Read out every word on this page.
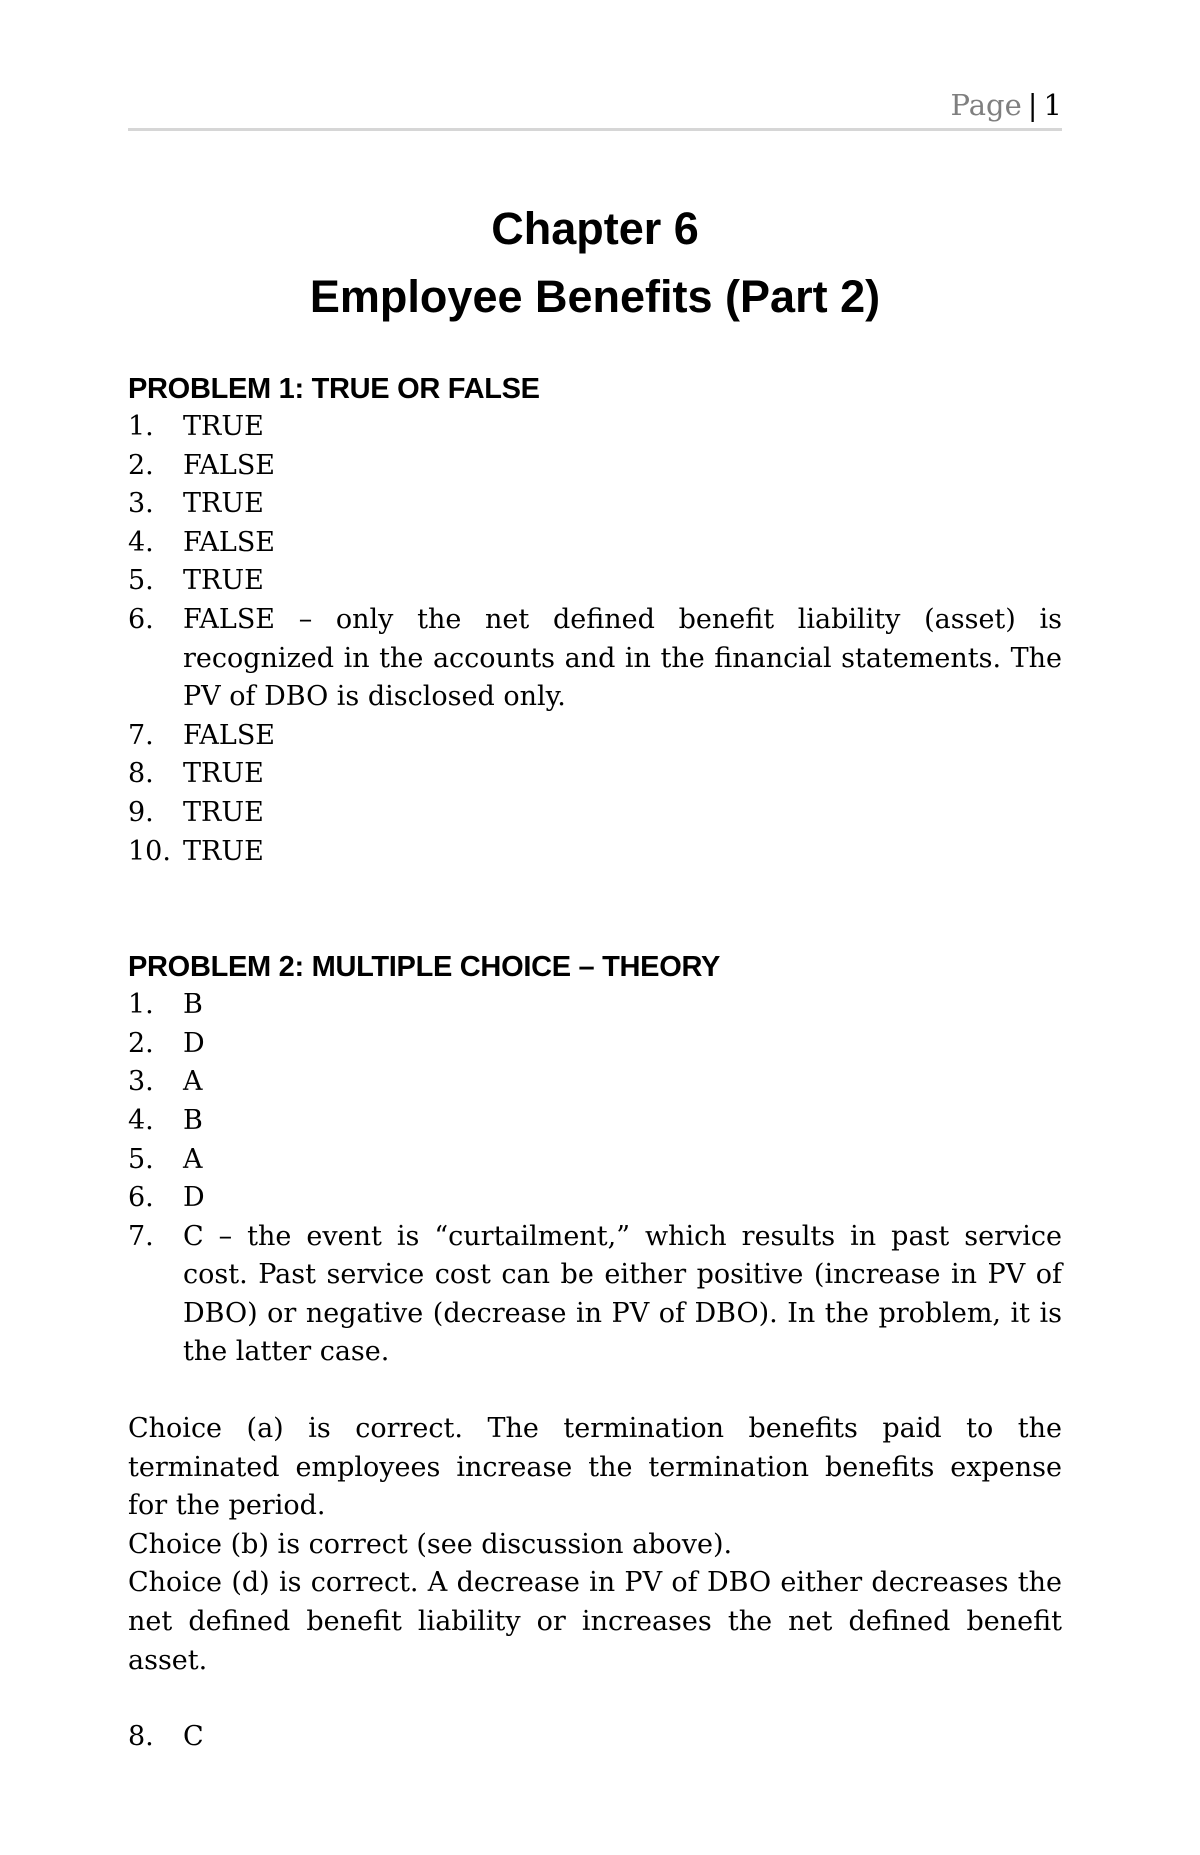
Page | 1
Chapter 6
Employee Benefits (Part 2)
PROBLEM 1: TRUE OR FALSE
1.	TRUE
2.	FALSE
3.	TRUE
4.	FALSE
5.	TRUE
6.	FALSE – only the net defined benefit liability (asset) is recognized in the accounts and in the financial statements. The PV of DBO is disclosed only.
7.	FALSE
8.	TRUE
9.	TRUE
10. TRUE
PROBLEM 2: MULTIPLE CHOICE – THEORY
1.	B
2.	D
3.	A
4.	B
5.	A
6.	D
7.	C – the event is “curtailment,” which results in past service cost. Past service cost can be either positive (increase in PV of DBO) or negative (decrease in PV of DBO). In the problem, it is the latter case.

Choice (a) is correct. The termination benefits paid to the terminated employees increase the termination benefits expense for the period.

Choice (b) is correct (see discussion above).

Choice (d) is correct. A decrease in PV of DBO either decreases the net defined benefit liability or increases the net defined benefit asset.

8.	C
